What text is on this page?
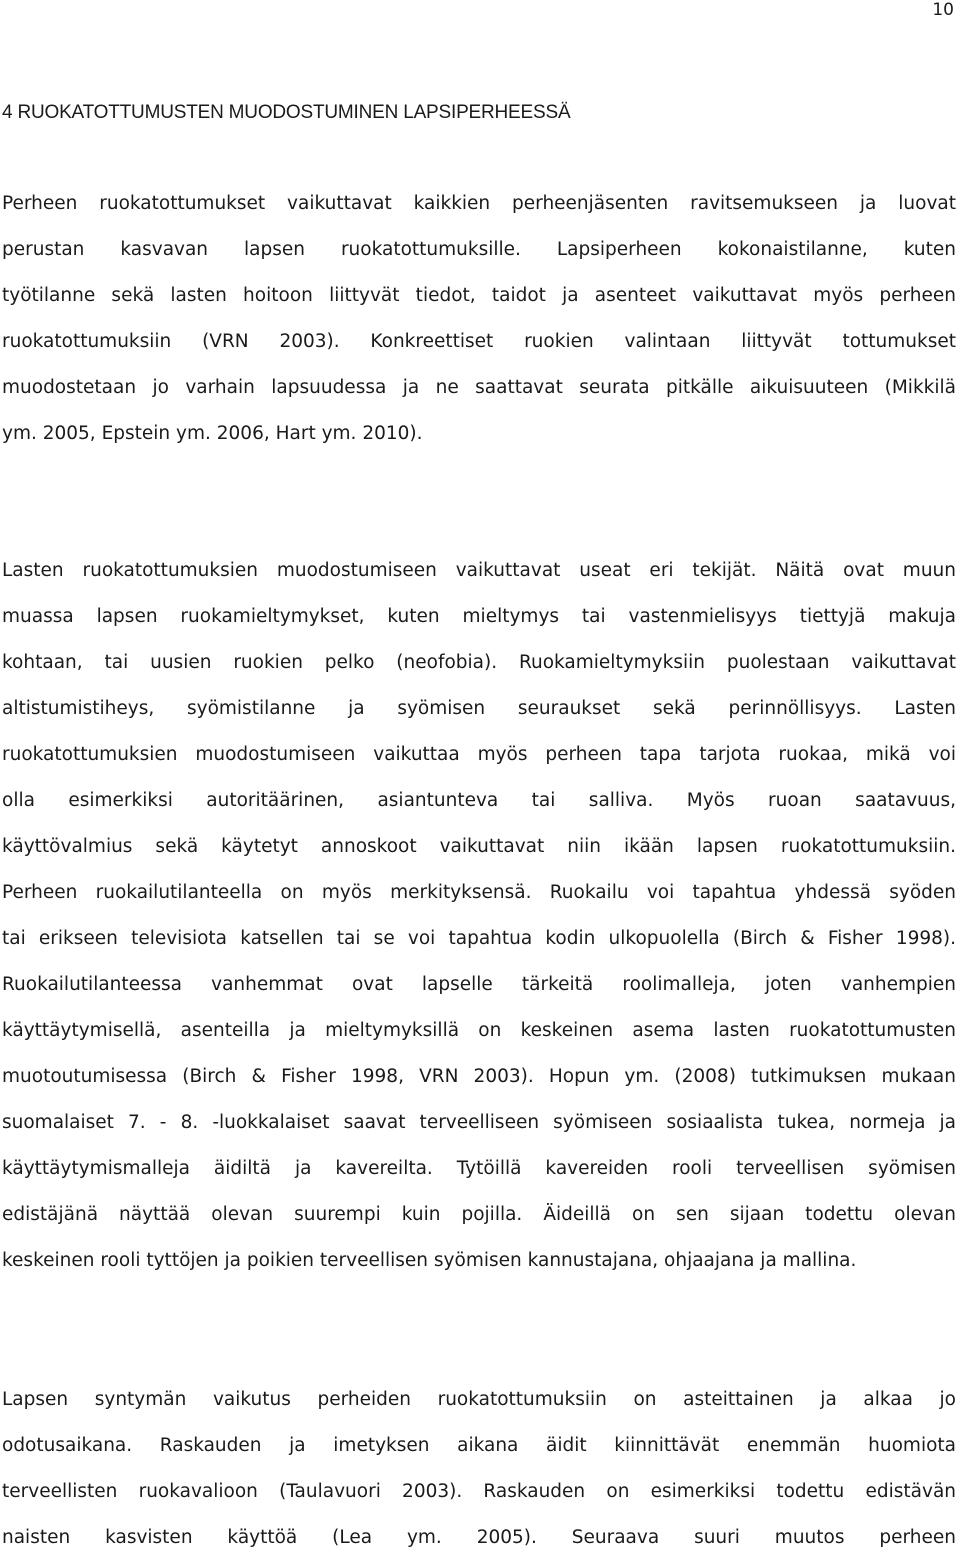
10
4 RUOKATOTTUMUSTEN MUODOSTUMINEN LAPSIPERHEESSÄ
Perheen ruokatottumukset vaikuttavat kaikkien perheenjäsenten ravitsemukseen ja luovat
perustan kasvavan lapsen ruokatottumuksille. Lapsiperheen kokonaistilanne, kuten
työtilanne sekä lasten hoitoon liittyvät tiedot, taidot ja asenteet vaikuttavat myös perheen
ruokatottumuksiin (VRN 2003). Konkreettiset ruokien valintaan liittyvät tottumukset
muodostetaan jo varhain lapsuudessa ja ne saattavat seurata pitkälle aikuisuuteen (Mikkilä
ym. 2005, Epstein ym. 2006, Hart ym. 2010).
Lasten ruokatottumuksien muodostumiseen vaikuttavat useat eri tekijät. Näitä ovat muun
muassa lapsen ruokamieltymykset, kuten mieltymys tai vastenmielisyys tiettyjä makuja
kohtaan, tai uusien ruokien pelko (neofobia). Ruokamieltymyksiin puolestaan vaikuttavat
altistumistiheys, syömistilanne ja syömisen seuraukset sekä perinnöllisyys. Lasten
ruokatottumuksien muodostumiseen vaikuttaa myös perheen tapa tarjota ruokaa, mikä voi
olla esimerkiksi autoritäärinen, asiantunteva tai salliva. Myös ruoan saatavuus,
käyttövalmius sekä käytetyt annoskoot vaikuttavat niin ikään lapsen ruokatottumuksiin.
Perheen ruokailutilanteella on myös merkityksensä. Ruokailu voi tapahtua yhdessä syöden
tai erikseen televisiota katsellen tai se voi tapahtua kodin ulkopuolella (Birch & Fisher 1998).
Ruokailutilanteessa vanhemmat ovat lapselle tärkeitä roolimalleja, joten vanhempien
käyttäytymisellä, asenteilla ja mieltymyksillä on keskeinen asema lasten ruokatottumusten
muotoutumisessa (Birch & Fisher 1998, VRN 2003). Hopun ym. (2008) tutkimuksen mukaan
suomalaiset 7. - 8. -luokkalaiset saavat terveelliseen syömiseen sosiaalista tukea, normeja ja
käyttäytymismalleja äidiltä ja kavereilta. Tytöillä kavereiden rooli terveellisen syömisen
edistäjänä näyttää olevan suurempi kuin pojilla. Äideillä on sen sijaan todettu olevan
keskeinen rooli tyttöjen ja poikien terveellisen syömisen kannustajana, ohjaajana ja mallina.
Lapsen syntymän vaikutus perheiden ruokatottumuksiin on asteittainen ja alkaa jo
odotusaikana. Raskauden ja imetyksen aikana äidit kiinnittävät enemmän huomiota
terveellisten ruokavalioon (Taulavuori 2003). Raskauden on esimerkiksi todettu edistävän
naisten kasvisten käyttöä (Lea ym. 2005). Seuraava suuri muutos perheen
